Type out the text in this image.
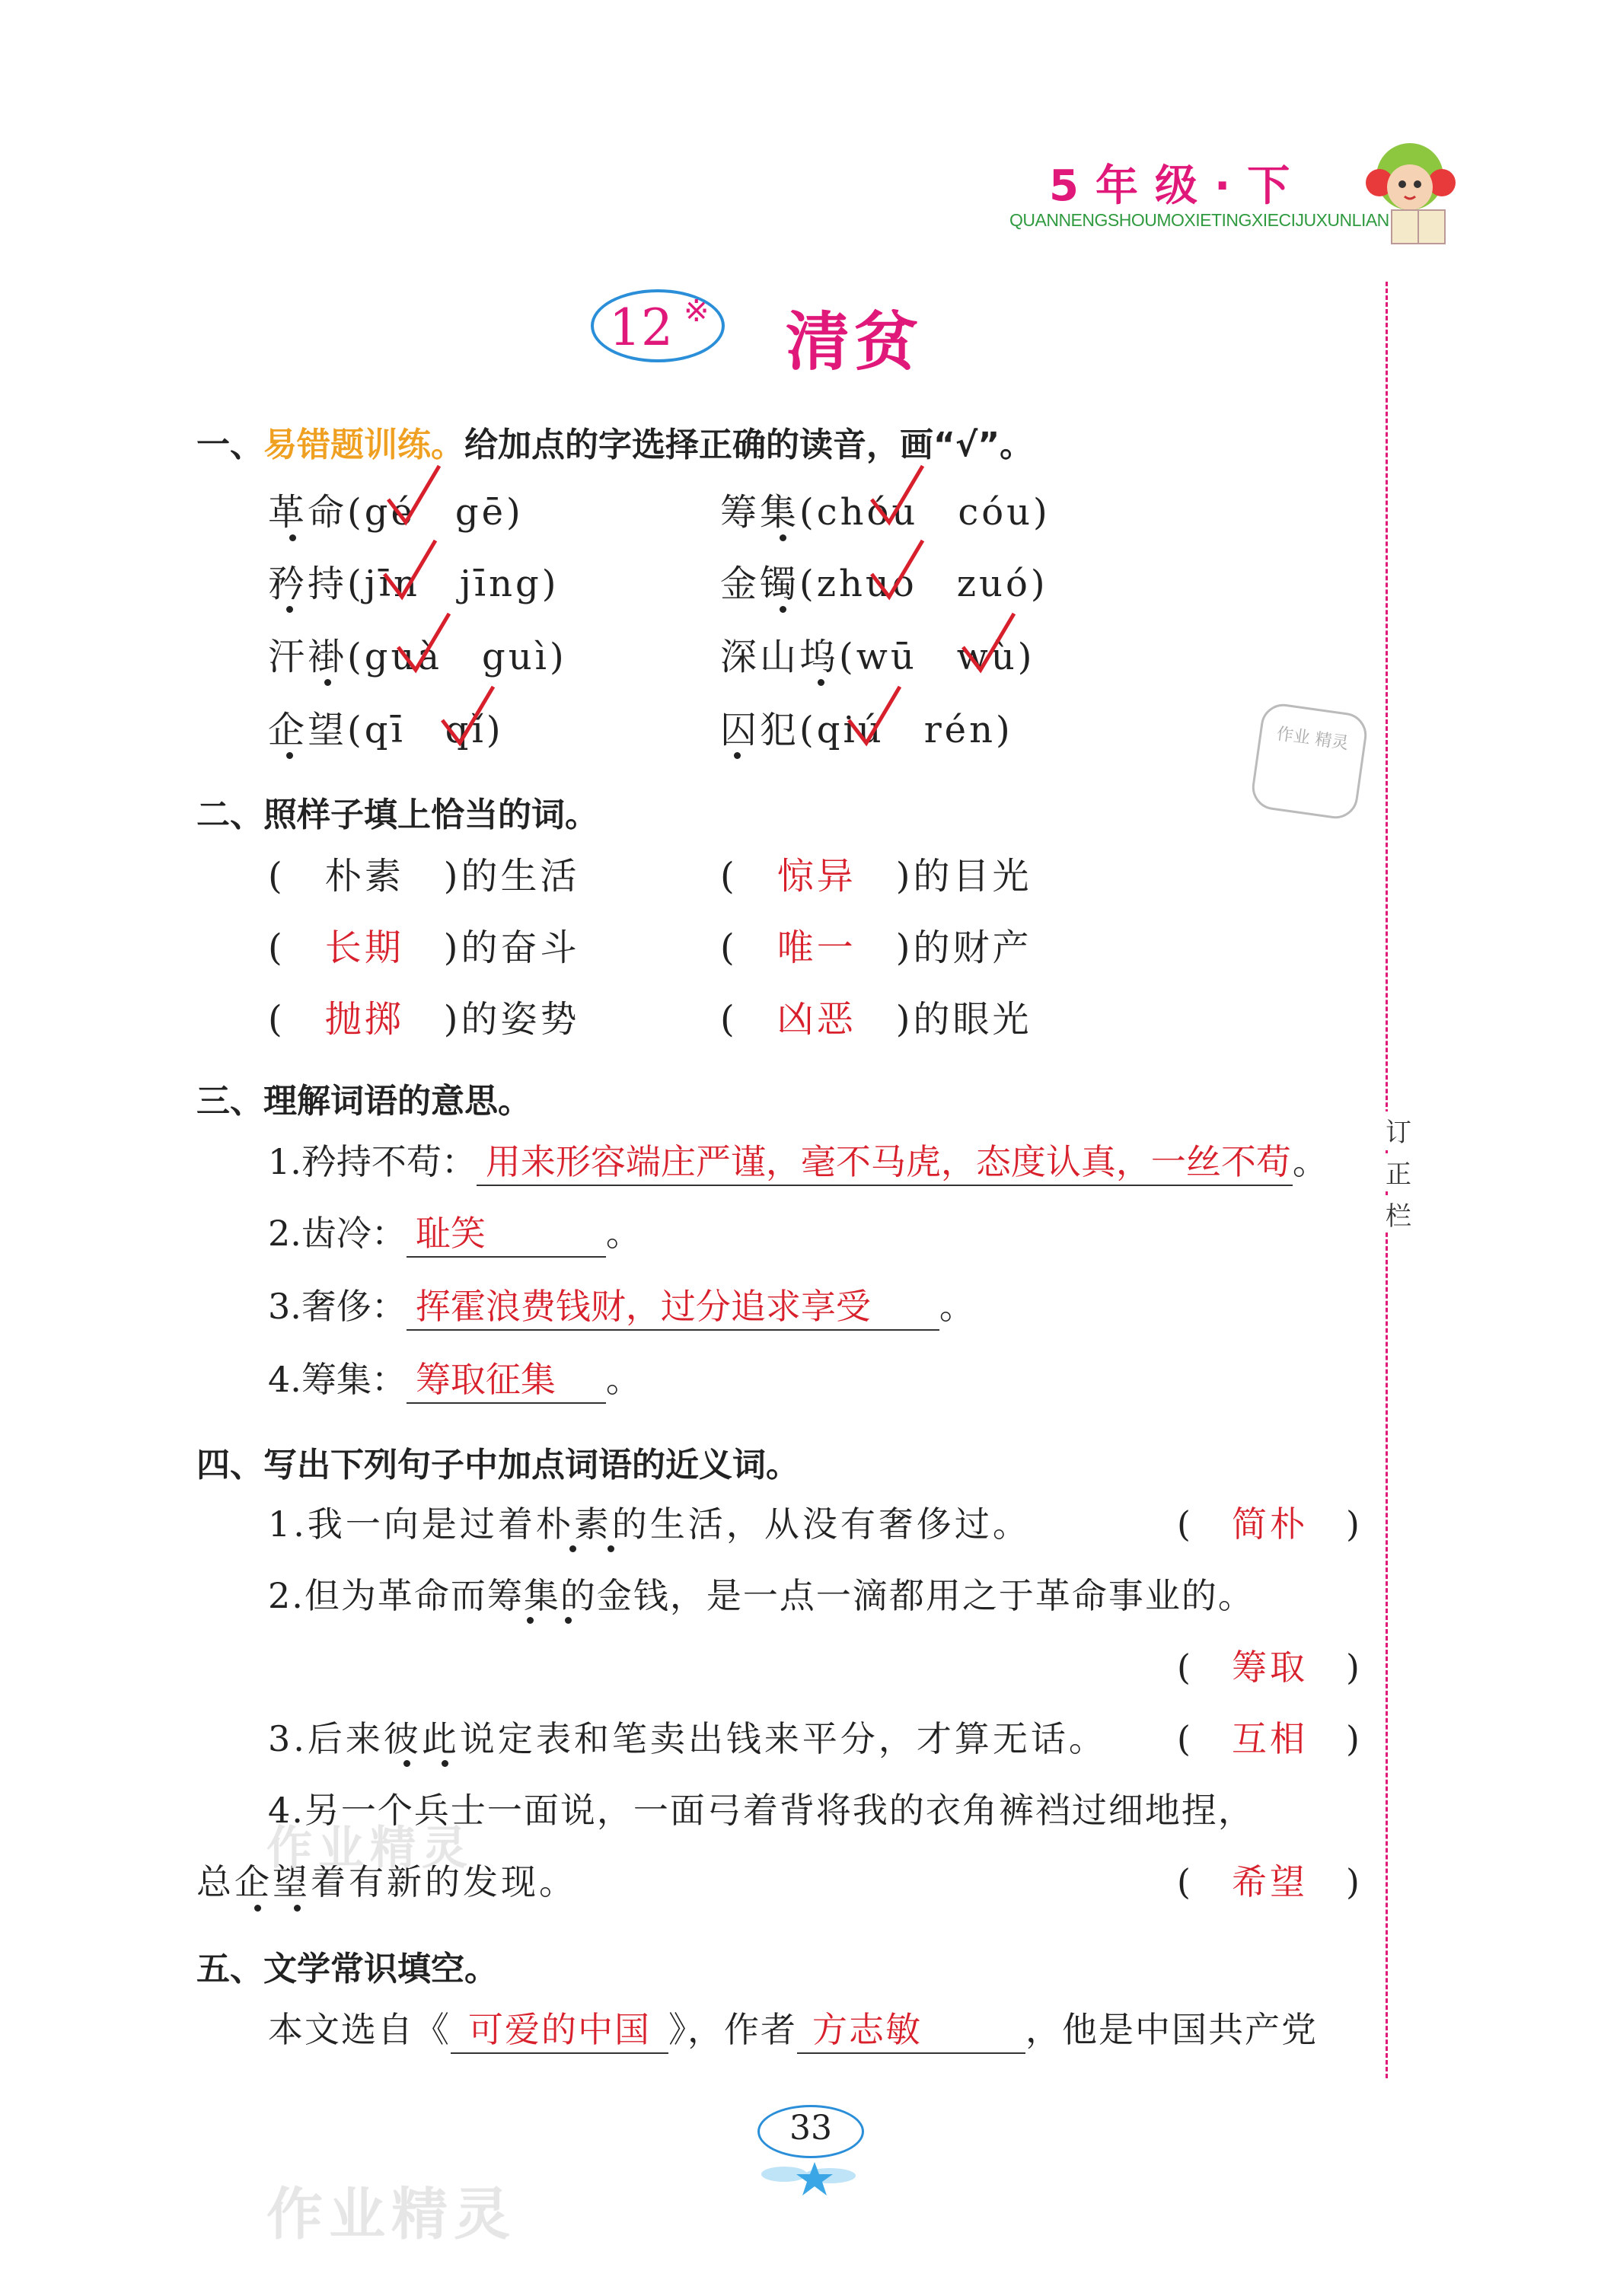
5年级·下
QUANNENGSHOUMOXIETINGXIECIJUXUNLIAN
订
正
栏
12 ※ 清贫
一、易错题训练。给加点的字选择正确的读音，画“√”。
革命(gé　gē)	筹集(chóu　cóu)
矜持(jīn　jīng)	金镯(zhuó　zuó)
汗褂(guà　guì)	深山坞(wū　wù)
企望(qī　qǐ)	囚犯(qiú　rén)	作业 精灵
二、照样子填上恰当的词。
(　朴素　 )的生活	(　惊异　 )的目光
(　长期　 )的奋斗	(　唯一　 )的财产
(　抛掷　 )的姿势	(　凶恶　 )的眼光
三、理解词语的意思。
1.矜持不苟： 用来形容端庄严谨，毫不马虎，态度认真，一丝不苟。
2.齿冷： 耻笑	。
3.奢侈： 挥霍浪费钱财，过分追求享受 。
4.筹集： 筹取征集 。
四、写出下列句子中加点词语的近义词。
1.我一向是过着朴素的生活，从没有奢侈过。	(　简朴　)
2.但为革命而筹集的金钱，是一点一滴都用之于革命事业的。
(　筹取　)
3.后来彼此说定表和笔卖出钱来平分，才算无话。 (　互相　)
4.另一个兵士一面说，一面弓着背将我的衣角裤裆过细地捏，
总企望着有新的发现。	(　希望　)
五、文学常识填空。
本文选自《 可爱的中国 》，作者 方志敏	，他是中国共产党
作业精灵
作业精灵
33
